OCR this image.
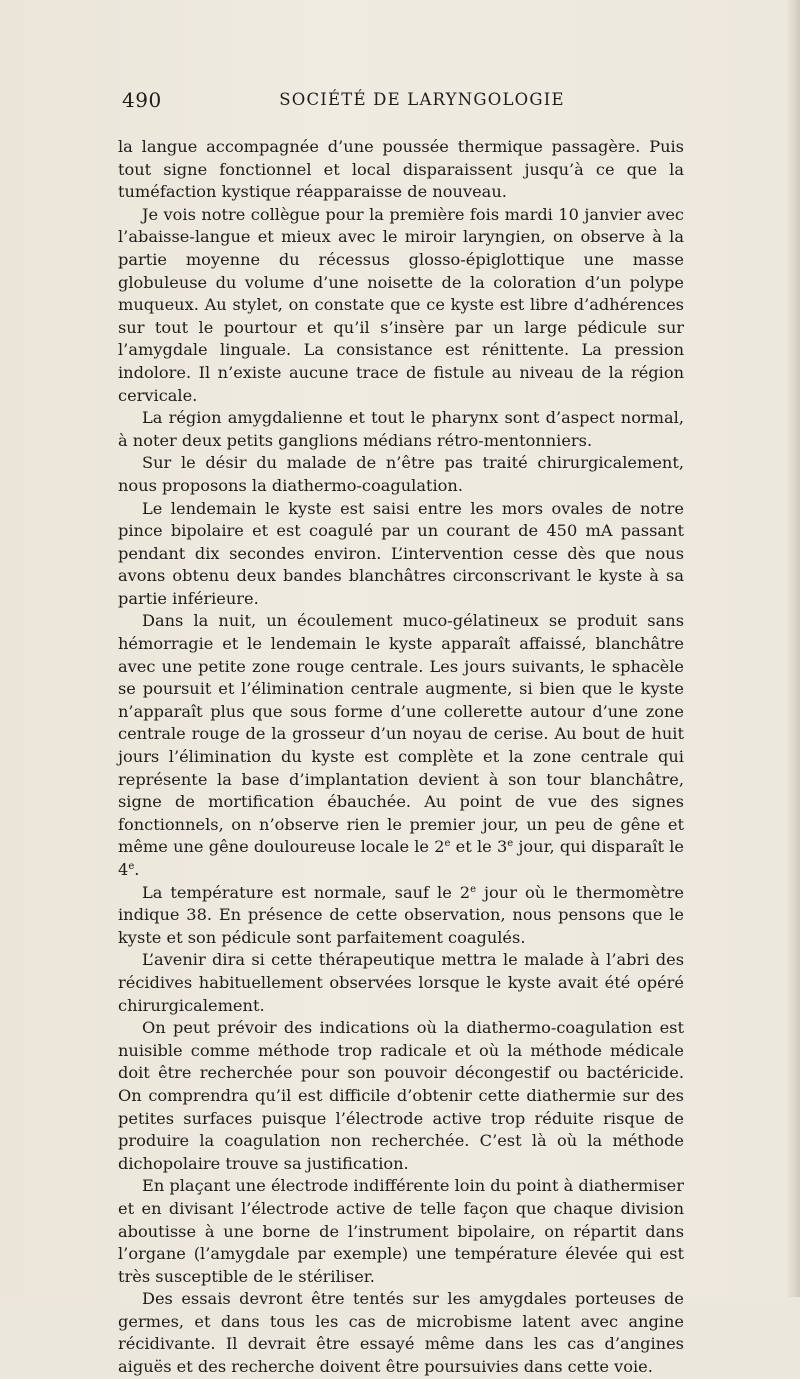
490	SOCIÉTÉ DE LARYNGOLOGIE

la langue accompagnée d’une poussée thermique passagère. Puis tout signe fonctionnel et local disparaissent jusqu’à ce que la tuméfaction kystique réapparaisse de nouveau.

Je vois notre collègue pour la première fois mardi 10 janvier avec l’abaisse-langue et mieux avec le miroir laryngien, on observe à la partie moyenne du récessus glosso-épiglottique une masse globuleuse du volume d’une noisette de la coloration d’un polype muqueux. Au stylet, on constate que ce kyste est libre d’adhérences sur tout le pourtour et qu’il s’insère par un large pédicule sur l’amygdale linguale. La consistance est rénittente. La pression indolore. Il n’existe aucune trace de fistule au niveau de la région cervicale.

La région amygdalienne et tout le pharynx sont d’aspect normal, à noter deux petits ganglions médians rétro-mentonniers.

Sur le désir du malade de n’être pas traité chirurgicalement, nous proposons la diathermo-coagulation.

Le lendemain le kyste est saisi entre les mors ovales de notre pince bipolaire et est coagulé par un courant de 450 mA passant pendant dix secondes environ. L’intervention cesse dès que nous avons obtenu deux bandes blanchâtres circonscrivant le kyste à sa partie inférieure.

Dans la nuit, un écoulement muco-gélatineux se produit sans hémorragie et le lendemain le kyste apparaît affaissé, blanchâtre avec une petite zone rouge centrale. Les jours suivants, le sphacèle se poursuit et l’élimination centrale augmente, si bien que le kyste n’apparaît plus que sous forme d’une collerette autour d’une zone centrale rouge de la grosseur d’un noyau de cerise. Au bout de huit jours l’élimination du kyste est complète et la zone centrale qui représente la base d’implantation devient à son tour blanchâtre, signe de mortification ébauchée. Au point de vue des signes fonctionnels, on n’observe rien le premier jour, un peu de gêne et même une gêne douloureuse locale le 2e et le 3e jour, qui disparaît le 4e.

La température est normale, sauf le 2e jour où le thermomètre indique 38. En présence de cette observation, nous pensons que le kyste et son pédicule sont parfaitement coagulés.

L’avenir dira si cette thérapeutique mettra le malade à l’abri des récidives habituellement observées lorsque le kyste avait été opéré chirurgicalement.

On peut prévoir des indications où la diathermo-coagulation est nuisible comme méthode trop radicale et où la méthode médicale doit être recherchée pour son pouvoir décongestif ou bactéricide. On comprendra qu’il est difficile d’obtenir cette diathermie sur des petites surfaces puisque l’électrode active trop réduite risque de produire la coagulation non recherchée. C’est là où la méthode dichopolaire trouve sa justification.

En plaçant une électrode indifférente loin du point à diathermiser et en divisant l’électrode active de telle façon que chaque division aboutisse à une borne de l’instrument bipolaire, on répartit dans l’organe (l’amygdale par exemple) une température élevée qui est très susceptible de le stériliser.

Des essais devront être tentés sur les amygdales porteuses de germes, et dans tous les cas de microbisme latent avec angine récidivante. Il devrait être essayé même dans les cas d’angines aiguës et des recherche doivent être poursuivies dans cette voie.
